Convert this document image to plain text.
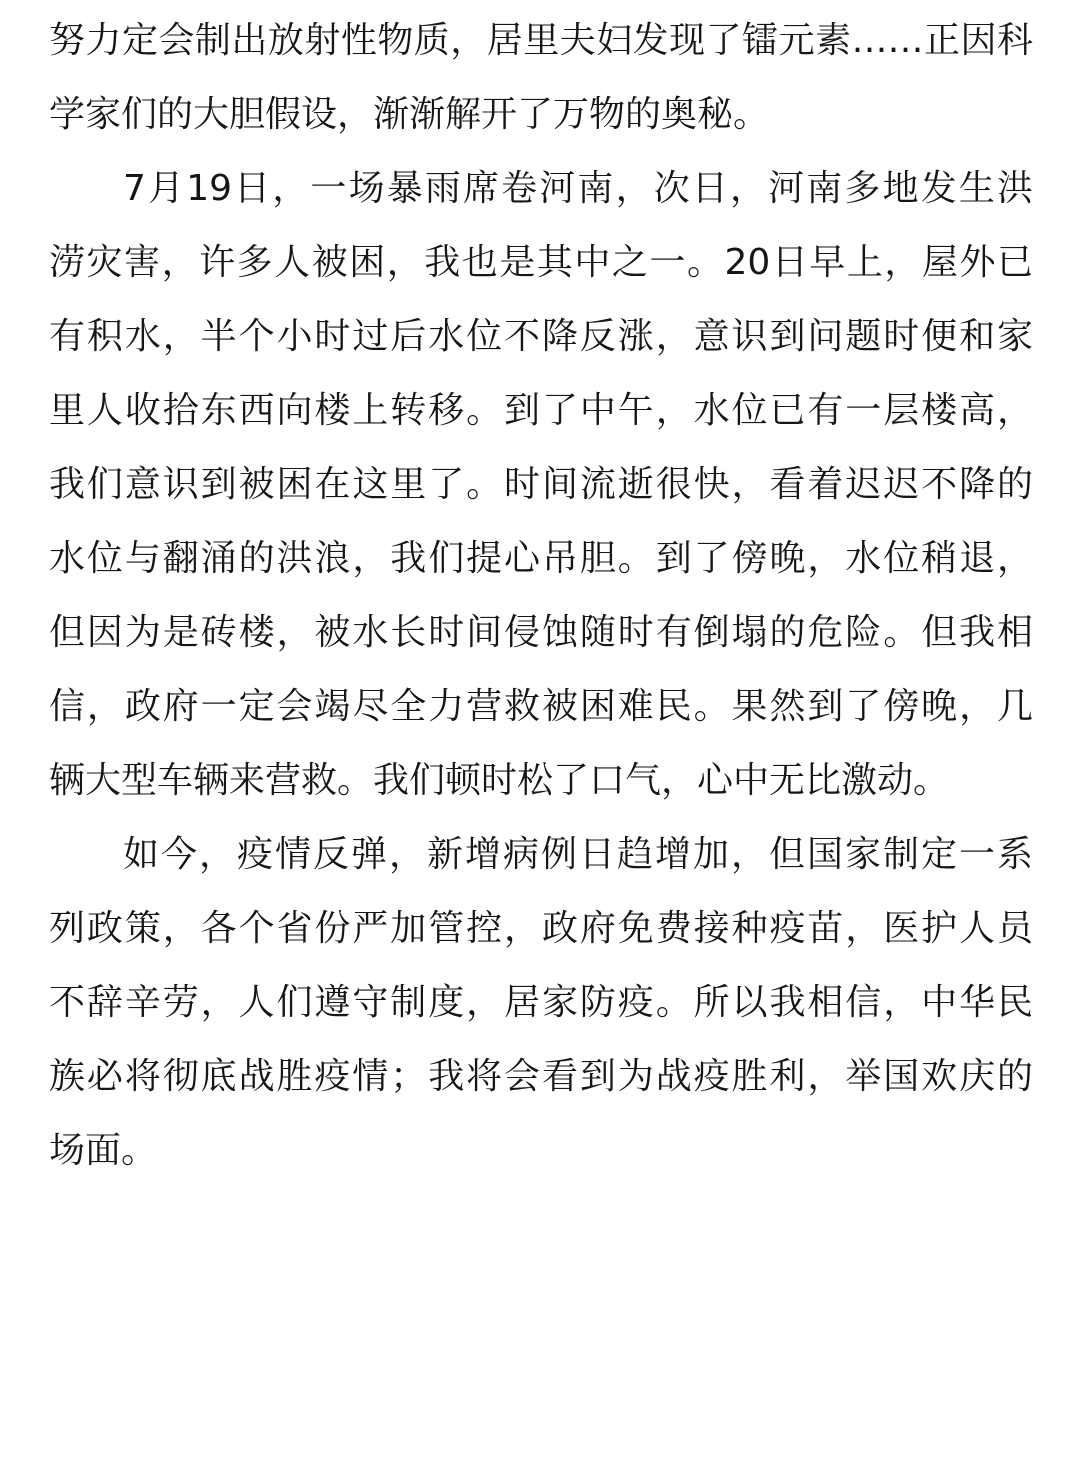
努力定会制出放射性物质，居里夫妇发现了镭元素……正因科
学家们的大胆假设，渐渐解开了万物的奥秘。
7月19日，一场暴雨席卷河南，次日，河南多地发生洪
涝灾害，许多人被困，我也是其中之一。20日早上，屋外已
有积水，半个小时过后水位不降反涨，意识到问题时便和家
里人收拾东西向楼上转移。到了中午，水位已有一层楼高，
我们意识到被困在这里了。时间流逝很快，看着迟迟不降的
水位与翻涌的洪浪，我们提心吊胆。到了傍晚，水位稍退，
但因为是砖楼，被水长时间侵蚀随时有倒塌的危险。但我相
信，政府一定会竭尽全力营救被困难民。果然到了傍晚，几
辆大型车辆来营救。我们顿时松了口气，心中无比激动。
如今，疫情反弹，新增病例日趋增加，但国家制定一系
列政策，各个省份严加管控，政府免费接种疫苗，医护人员
不辞辛劳，人们遵守制度，居家防疫。所以我相信，中华民
族必将彻底战胜疫情；我将会看到为战疫胜利，举国欢庆的
场面。
